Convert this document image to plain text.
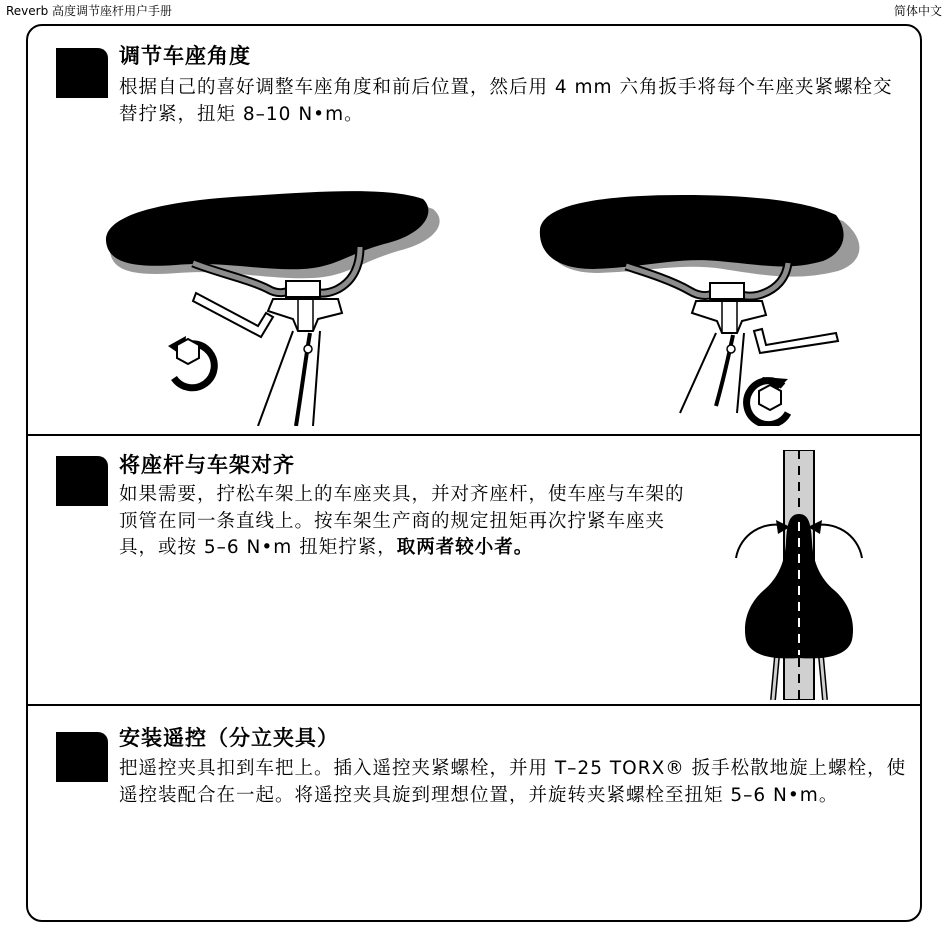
Reverb 高度调节座杆用户手册	简体中文
调节车座角度
根据自己的喜好调整车座角度和前后位置，然后用 4 mm 六角扳手将每个车座夹紧螺栓交替拧紧，扭矩 8–10 N•m。
将座杆与车架对齐
如果需要，拧松车架上的车座夹具，并对齐座杆，使车座与车架的顶管在同一条直线上。按车架生产商的规定扭矩再次拧紧车座夹具，或按 5–6 N•m 扭矩拧紧，取两者较小者。
安装遥控（分立夹具）
把遥控夹具扣到车把上。插入遥控夹紧螺栓，并用 T–25 TORX® 扳手松散地旋上螺栓，使遥控装配合在一起。将遥控夹具旋到理想位置，并旋转夹紧螺栓至扭矩 5–6 N•m。
